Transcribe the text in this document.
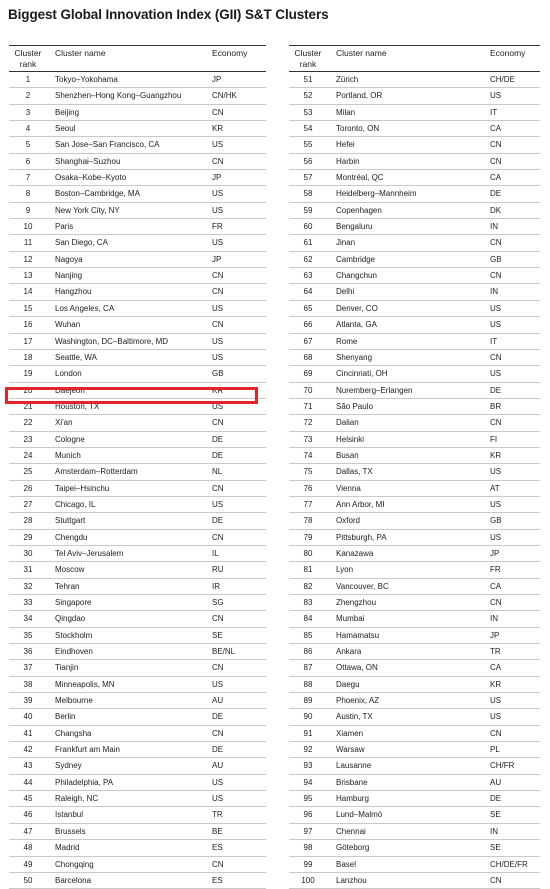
Biggest Global Innovation Index (GII) S&T Clusters
Cluster
rank
Cluster name	Economy
1	Tokyo–Yokohama	JP
2	Shenzhen–Hong Kong–Guangzhou	CN/HK
3	Beijing	CN
4	Seoul	KR
5	San Jose–San Francisco, CA	US
6	Shanghai–Suzhou	CN
7	Osaka–Kobe–Kyoto	JP
8	Boston–Cambridge, MA	US
9	New York City, NY	US
10	Paris	FR
11	San Diego, CA	US
12	Nagoya	JP
13	Nanjing	CN
14	Hangzhou	CN
15	Los Angeles, CA	US
16	Wuhan	CN
17	Washington, DC–Baltimore, MD	US
18	Seattle, WA	US
19	London	GB
20	Daejeon	KR
21	Houston, TX	US
22	Xi'an	CN
23	Cologne	DE
24	Munich	DE
25	Amsterdam–Rotterdam	NL
26	Taipei–Hsinchu	CN
27	Chicago, IL	US
28	Stuttgart	DE
29	Chengdu	CN
30	Tel Aviv–Jerusalem	IL
31	Moscow	RU
32	Tehran	IR
33	Singapore	SG
34	Qingdao	CN
35	Stockholm	SE
36	Eindhoven	BE/NL
37	Tianjin	CN
38	Minneapolis, MN	US
39	Melbourne	AU
40	Berlin	DE
41	Changsha	CN
42	Frankfurt am Main	DE
43	Sydney	AU
44	Philadelphia, PA	US
45	Raleigh, NC	US
46	Istanbul	TR
47	Brussels	BE
48	Madrid	ES
49	Chongqing	CN
50	Barcelona	ES
Cluster
rank
Cluster name	Economy
51	Zürich	CH/DE
52	Portland, OR	US
53	Milan	IT
54	Toronto, ON	CA
55	Hefei	CN
56	Harbin	CN
57	Montréal, QC	CA
58	Heidelberg–Mannheim	DE
59	Copenhagen	DK
60	Bengaluru	IN
61	Jinan	CN
62	Cambridge	GB
63	Changchun	CN
64	Delhi	IN
65	Denver, CO	US
66	Atlanta, GA	US
67	Rome	IT
68	Shenyang	CN
69	Cincinnati, OH	US
70	Nuremberg–Erlangen	DE
71	São Paulo	BR
72	Dalian	CN
73	Helsinki	FI
74	Busan	KR
75	Dallas, TX	US
76	Vienna	AT
77	Ann Arbor, MI	US
78	Oxford	GB
79	Pittsburgh, PA	US
80	Kanazawa	JP
81	Lyon	FR
82	Vancouver, BC	CA
83	Zhengzhou	CN
84	Mumbai	IN
85	Hamamatsu	JP
86	Ankara	TR
87	Ottawa, ON	CA
88	Daegu	KR
89	Phoenix, AZ	US
90	Austin, TX	US
91	Xiamen	CN
92	Warsaw	PL
93	Lausanne	CH/FR
94	Brisbane	AU
95	Hamburg	DE
96	Lund–Malmö	SE
97	Chennai	IN
98	Göteborg	SE
99	Basel	CH/DE/FR
100	Lanzhou	CN
